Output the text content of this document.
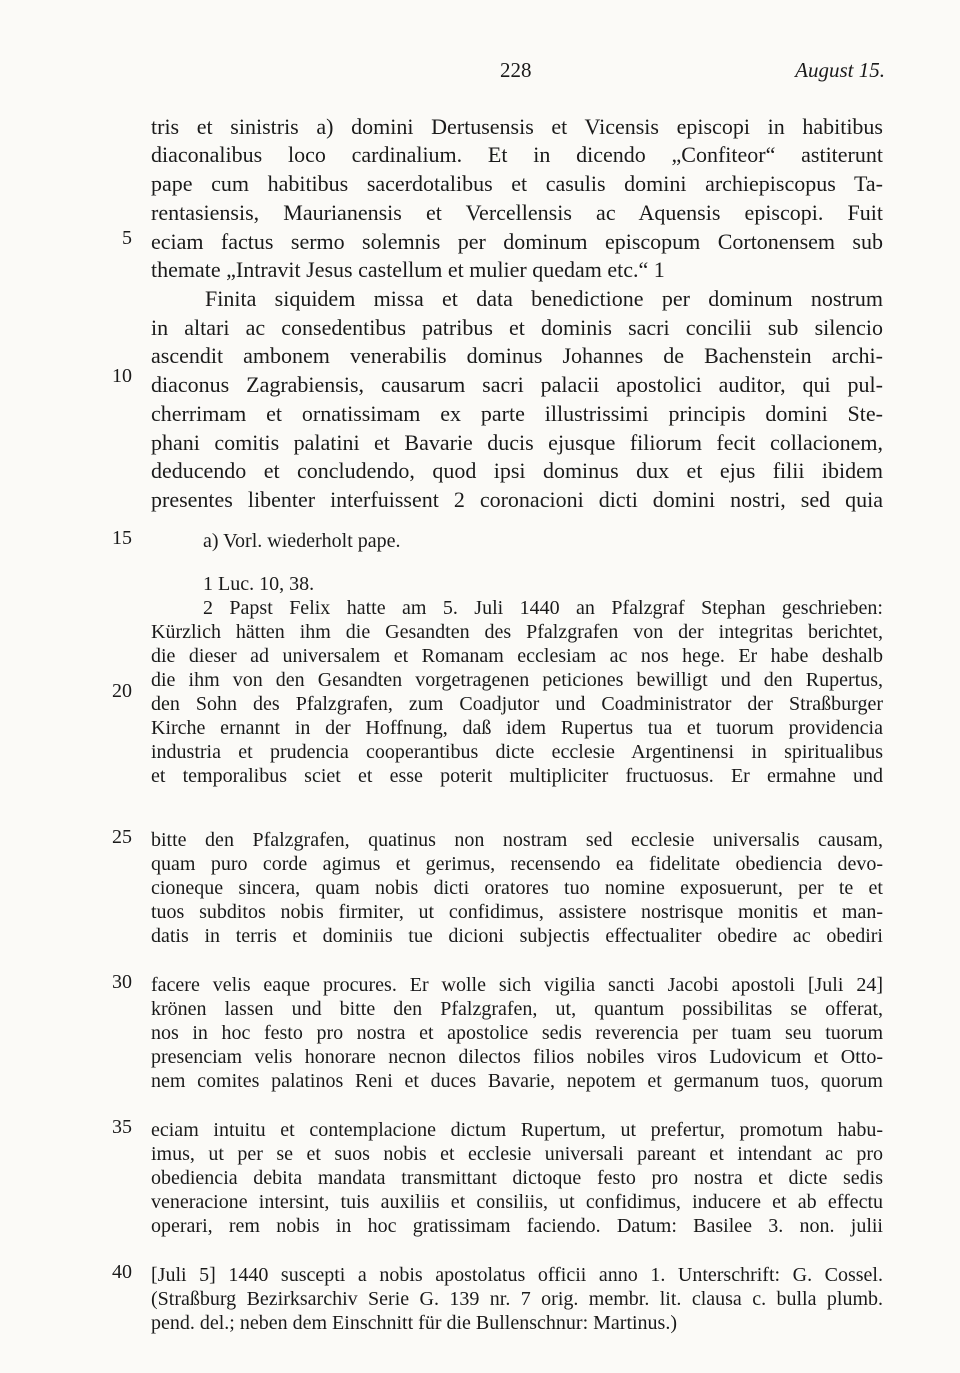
228	August 15.
5
10
15
20
25
30
35
40
tris et sinistris a) domini Dertusensis et Vicensis episcopi in habitibus
diaconalibus loco cardinalium. Et in dicendo „Confiteor“ astiterunt
pape cum habitibus sacerdotalibus et casulis domini archiepiscopus Ta-
rentasiensis, Maurianensis et Vercellensis ac Aquensis episcopi. Fuit
eciam factus sermo solemnis per dominum episcopum Cortonensem sub
themate „Intravit Jesus castellum et mulier quedam etc.“ 1
Finita siquidem missa et data benedictione per dominum nostrum
in altari ac consedentibus patribus et dominis sacri concilii sub silencio
ascendit ambonem venerabilis dominus Johannes de Bachenstein archi-
diaconus Zagrabiensis, causarum sacri palacii apostolici auditor, qui pul-
cherrimam et ornatissimam ex parte illustrissimi principis domini Ste-
phani comitis palatini et Bavarie ducis ejusque filiorum fecit collacionem,
deducendo et concludendo, quod ipsi dominus dux et ejus filii ibidem
presentes libenter interfuissent 2 coronacioni dicti domini nostri, sed quia
a) Vorl. wiederholt pape.
1 Luc. 10, 38.
2 Papst Felix hatte am 5. Juli 1440 an Pfalzgraf Stephan geschrieben:
Kürzlich hätten ihm die Gesandten des Pfalzgrafen von der integritas berichtet,
die dieser ad universalem et Romanam ecclesiam ac nos hege. Er habe deshalb
die ihm von den Gesandten vorgetragenen peticiones bewilligt und den Rupertus,
den Sohn des Pfalzgrafen, zum Coadjutor und Coadministrator der Straßburger
Kirche ernannt in der Hoffnung, daß idem Rupertus tua et tuorum providencia
industria et prudencia cooperantibus dicte ecclesie Argentinensi in spiritualibus
et temporalibus sciet et esse poterit multipliciter fructuosus. Er ermahne und
bitte den Pfalzgrafen, quatinus non nostram sed ecclesie universalis causam,
quam puro corde agimus et gerimus, recensendo ea fidelitate obediencia devo-
cioneque sincera, quam nobis dicti oratores tuo nomine exposuerunt, per te et
tuos subditos nobis firmiter, ut confidimus, assistere nostrisque monitis et man-
datis in terris et dominiis tue dicioni subjectis effectualiter obedire ac obediri
facere velis eaque procures. Er wolle sich vigilia sancti Jacobi apostoli [Juli 24]
krönen lassen und bitte den Pfalzgrafen, ut, quantum possibilitas se offerat,
nos in hoc festo pro nostra et apostolice sedis reverencia per tuam seu tuorum
presenciam velis honorare necnon dilectos filios nobiles viros Ludovicum et Otto-
nem comites palatinos Reni et duces Bavarie, nepotem et germanum tuos, quorum
eciam intuitu et contemplacione dictum Rupertum, ut prefertur, promotum habu-
imus, ut per se et suos nobis et ecclesie universali pareant et intendant ac pro
obediencia debita mandata transmittant dictoque festo pro nostra et dicte sedis
veneracione intersint, tuis auxiliis et consiliis, ut confidimus, inducere et ab effectu
operari, rem nobis in hoc gratissimam faciendo. Datum: Basilee 3. non. julii
[Juli 5] 1440 suscepti a nobis apostolatus officii anno 1. Unterschrift: G. Cossel.
(Straßburg Bezirksarchiv Serie G. 139 nr. 7 orig. membr. lit. clausa c. bulla plumb.
pend. del.; neben dem Einschnitt für die Bullenschnur: Martinus.)
